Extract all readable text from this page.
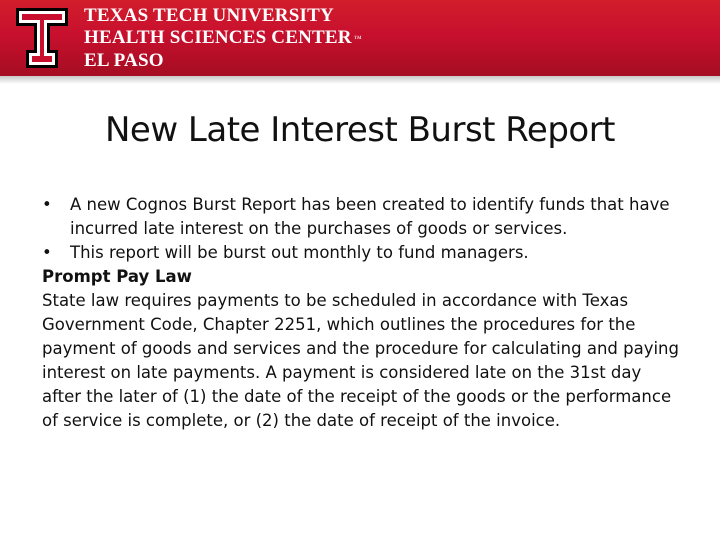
TEXAS TECH UNIVERSITY
HEALTH SCIENCES CENTER ™
EL PASO
New Late Interest Burst Report
• A new Cognos Burst Report has been created to identify funds that have incurred late interest on the purchases of goods or services.
• This report will be burst out monthly to fund managers.
Prompt Pay Law

State law requires payments to be scheduled in accordance with Texas Government Code, Chapter 2251, which outlines the procedures for the payment of goods and services and the procedure for calculating and paying interest on late payments. A payment is considered late on the 31st day after the later of (1) the date of the receipt of the goods or the performance of service is complete, or (2) the date of receipt of the invoice.
